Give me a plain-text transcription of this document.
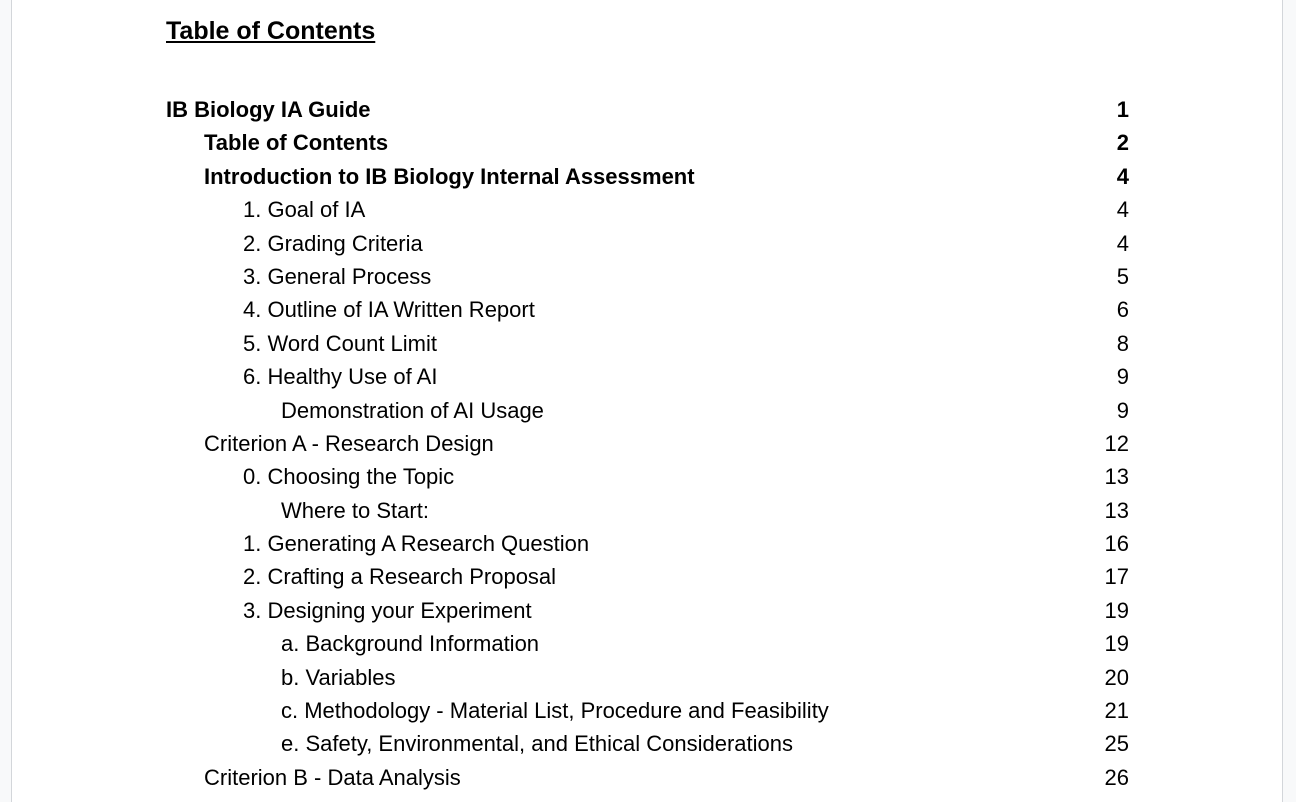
Table of Contents
IB Biology IA Guide	1
Table of Contents	2
Introduction to IB Biology Internal Assessment	4
1. Goal of IA	4
2. Grading Criteria	4
3. General Process	5
4. Outline of IA Written Report	6
5. Word Count Limit	8
6. Healthy Use of AI	9
Demonstration of AI Usage	9
Criterion A - Research Design	12
0. Choosing the Topic	13
Where to Start:	13
1. Generating A Research Question	16
2. Crafting a Research Proposal	17
3. Designing your Experiment	19
a. Background Information	19
b. Variables	20
c. Methodology - Material List, Procedure and Feasibility	21
e. Safety, Environmental, and Ethical Considerations	25
Criterion B - Data Analysis	26
